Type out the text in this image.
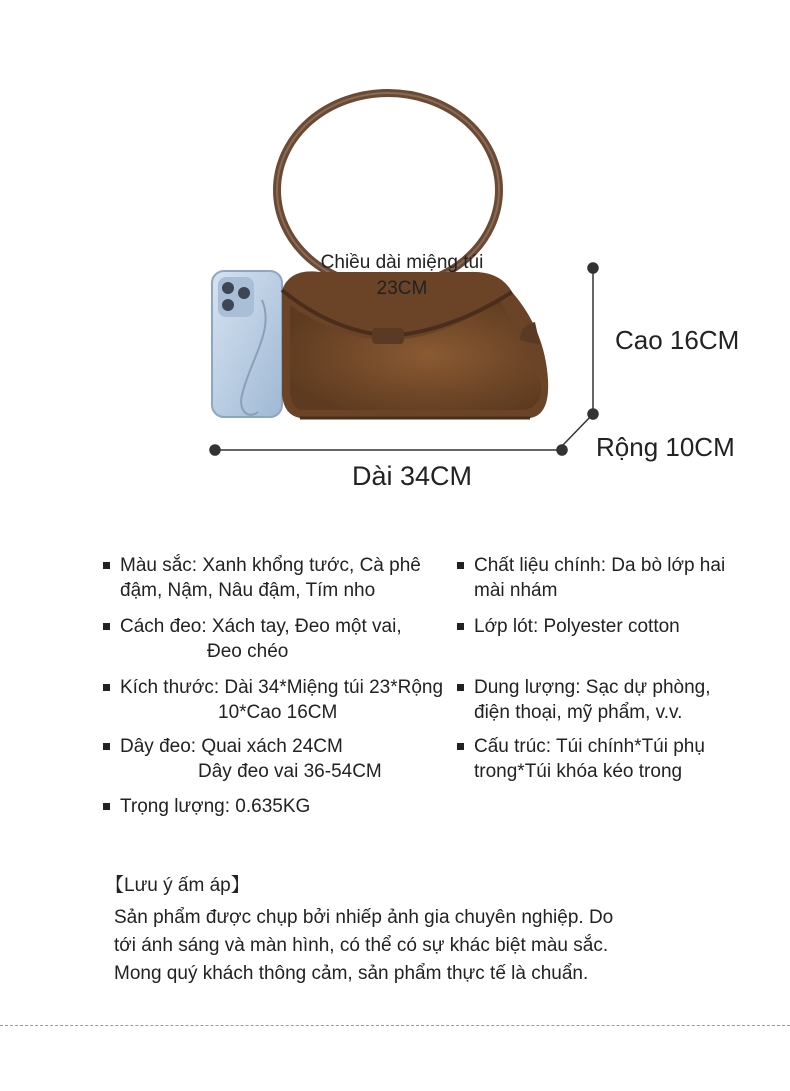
Chiều dài miệng túi
23CM
Cao 16CM
Rộng 10CM
Dài 34CM
Màu sắc: Xanh khổng tước, Cà phê
đậm, Nậm, Nâu đậm, Tím nho
Cách đeo: Xách tay, Đeo một vai,
Đeo chéo
Kích thước: Dài 34*Miệng túi 23*Rộng
10*Cao 16CM
Dây đeo: Quai xách 24CM
Dây đeo vai 36-54CM
Trọng lượng: 0.635KG
Chất liệu chính: Da bò lớp hai
mài nhám
Lớp lót: Polyester cotton
Dung lượng: Sạc dự phòng,
điện thoại, mỹ phẩm, v.v.
Cấu trúc: Túi chính*Túi phụ
trong*Túi khóa kéo trong
【Lưu ý ấm áp】
Sản phẩm được chụp bởi nhiếp ảnh gia chuyên nghiệp. Do
tới ánh sáng và màn hình, có thể có sự khác biệt màu sắc.
Mong quý khách thông cảm, sản phẩm thực tế là chuẩn.
